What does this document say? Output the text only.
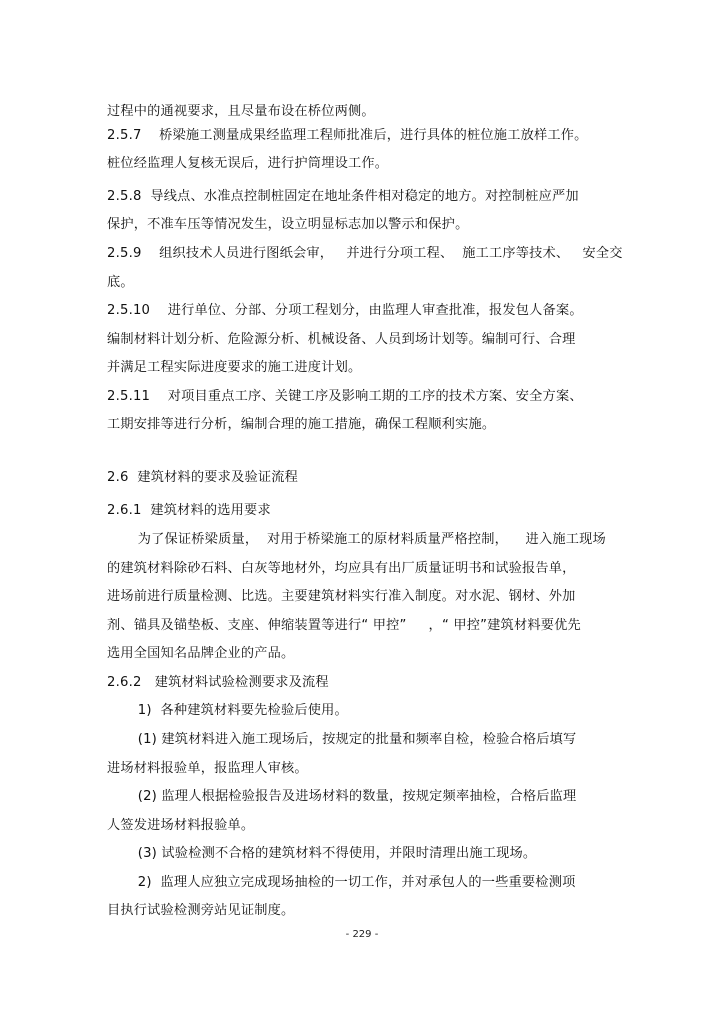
过程中的通视要求，且尽量布设在桥位两侧。
2.5.7    桥梁施工测量成果经监理工程师批准后，进行具体的桩位施工放样工作。
桩位经监理人复核无误后，进行护筒埋设工作。
2.5.8  导线点、水准点控制桩固定在地址条件相对稳定的地方。对控制桩应严加
保护，不准车压等情况发生，设立明显标志加以警示和保护。
2.5.9    组织技术人员进行图纸会审，   并进行分项工程、  施工工序等技术、   安全交
底。
2.5.10    进行单位、分部、分项工程划分，由监理人审查批准，报发包人备案。
编制材料计划分析、危险源分析、机械设备、人员到场计划等。编制可行、合理
并满足工程实际进度要求的施工进度计划。
2.5.11    对项目重点工序、关键工序及影响工期的工序的技术方案、安全方案、
工期安排等进行分析，编制合理的施工措施，确保工程顺利实施。
2.6  建筑材料的要求及验证流程
2.6.1  建筑材料的选用要求
为了保证桥梁质量，  对用于桥梁施工的原材料质量严格控制，    进入施工现场
的建筑材料除砂石料、白灰等地材外，均应具有出厂质量证明书和试验报告单，
进场前进行质量检测、比选。主要建筑材料实行准入制度。对水泥、钢材、外加
剂、锚具及锚垫板、支座、伸缩装置等进行“ 甲控”     ，“ 甲控”建筑材料要优先
选用全国知名品牌企业的产品。
2.6.2   建筑材料试验检测要求及流程
1)  各种建筑材料要先检验后使用。
(1) 建筑材料进入施工现场后，按规定的批量和频率自检，检验合格后填写
进场材料报验单，报监理人审核。
(2) 监理人根据检验报告及进场材料的数量，按规定频率抽检，合格后监理
人签发进场材料报验单。
(3) 试验检测不合格的建筑材料不得使用，并限时清理出施工现场。
2)  监理人应独立完成现场抽检的一切工作，并对承包人的一些重要检测项
目执行试验检测旁站见证制度。
- 229 -
